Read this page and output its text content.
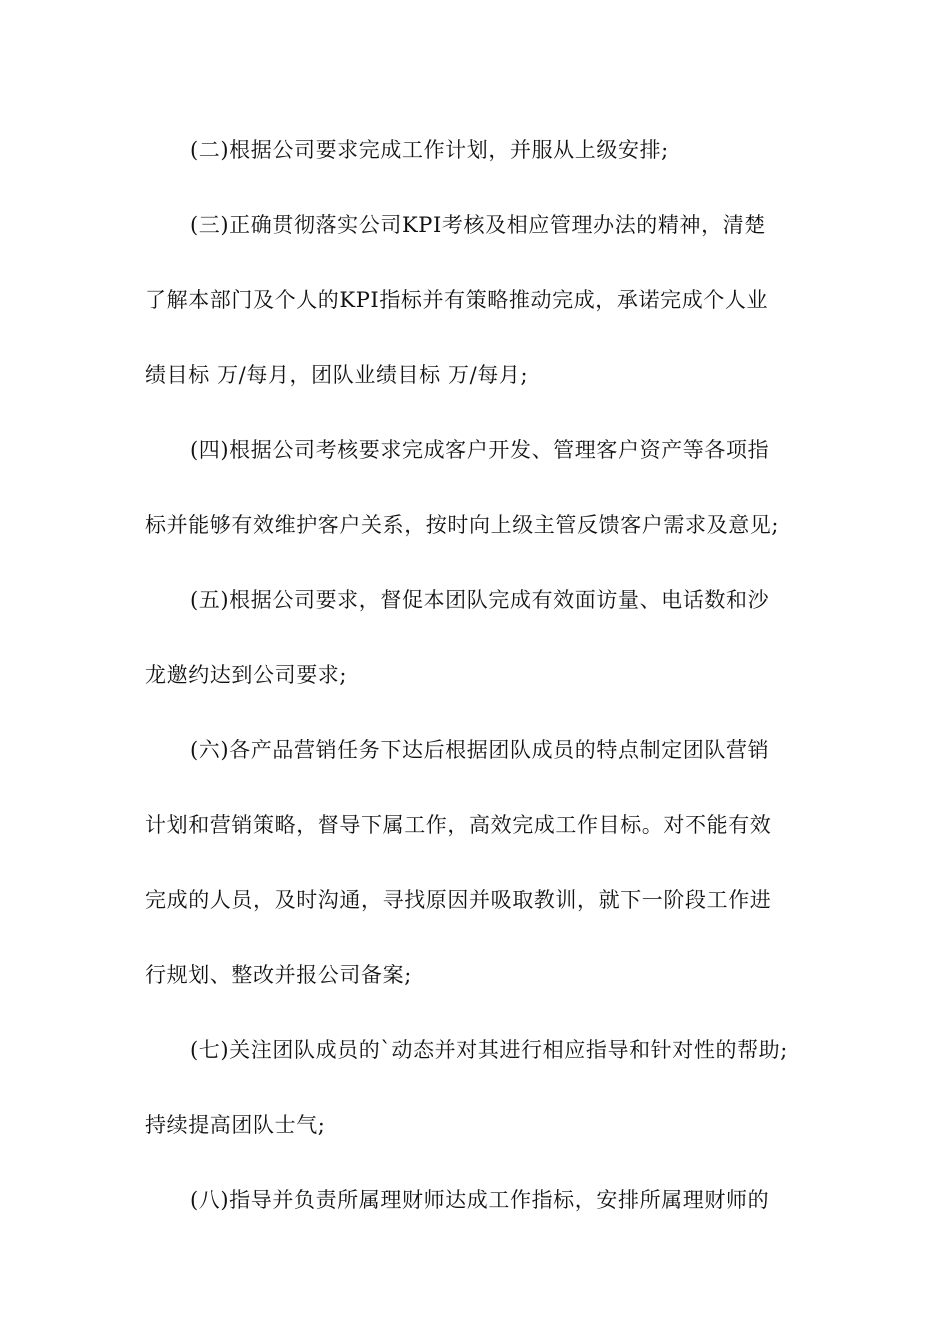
(二)根据公司要求完成工作计划，并服从上级安排;
(三)正确贯彻落实公司KPI考核及相应管理办法的精神，清楚
了解本部门及个人的KPI指标并有策略推动完成，承诺完成个人业
绩目标 万/每月，团队业绩目标 万/每月;
(四)根据公司考核要求完成客户开发、管理客户资产等各项指
标并能够有效维护客户关系，按时向上级主管反馈客户需求及意见;
(五)根据公司要求，督促本团队完成有效面访量、电话数和沙
龙邀约达到公司要求;
(六)各产品营销任务下达后根据团队成员的特点制定团队营销
计划和营销策略，督导下属工作，高效完成工作目标。对不能有效
完成的人员，及时沟通，寻找原因并吸取教训，就下一阶段工作进
行规划、整改并报公司备案;
(七)关注团队成员的`动态并对其进行相应指导和针对性的帮助;
持续提高团队士气;
(八)指导并负责所属理财师达成工作指标，安排所属理财师的
